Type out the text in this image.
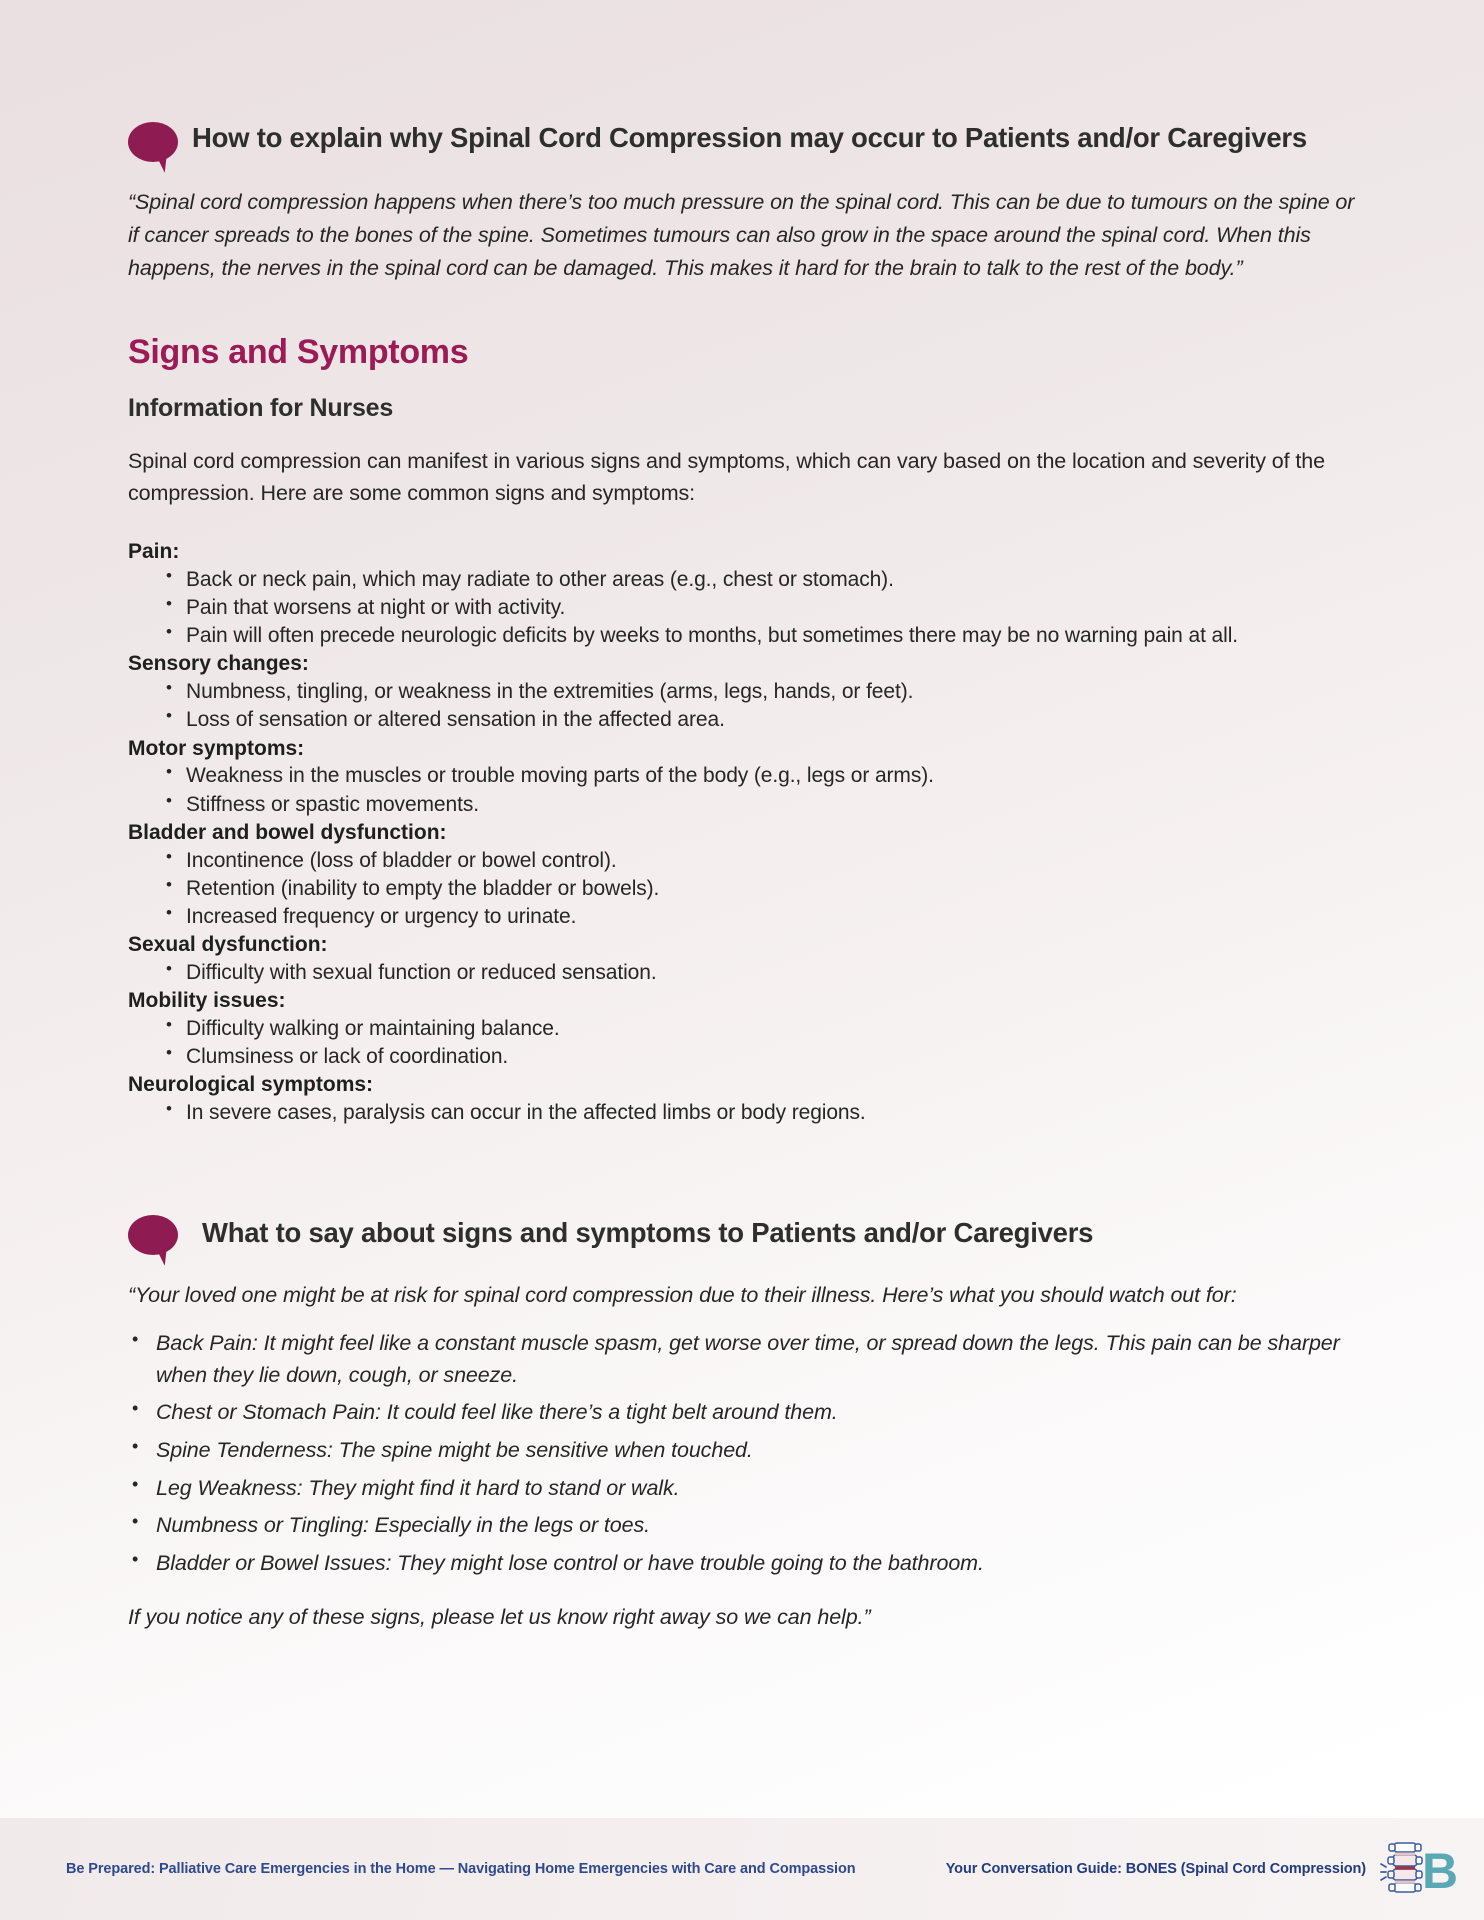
How to explain why Spinal Cord Compression may occur to Patients and/or Caregivers

“Spinal cord compression happens when there’s too much pressure on the spinal cord. This can be due to tumours on the spine or if cancer spreads to the bones of the spine. Sometimes tumours can also grow in the space around the spinal cord. When this happens, the nerves in the spinal cord can be damaged. This makes it hard for the brain to talk to the rest of the body.”

Signs and Symptoms
Information for Nurses

Spinal cord compression can manifest in various signs and symptoms, which can vary based on the location and severity of the compression. Here are some common signs and symptoms:

Pain:

• Back or neck pain, which may radiate to other areas (e.g., chest or stomach).
• Pain that worsens at night or with activity.
• Pain will often precede neurologic deficits by weeks to months, but sometimes there may be no warning pain at all.

Sensory changes:

• Numbness, tingling, or weakness in the extremities (arms, legs, hands, or feet).
• Loss of sensation or altered sensation in the affected area.

Motor symptoms:

• Weakness in the muscles or trouble moving parts of the body (e.g., legs or arms).
• Stiffness or spastic movements.

Bladder and bowel dysfunction:

• Incontinence (loss of bladder or bowel control).
• Retention (inability to empty the bladder or bowels).
• Increased frequency or urgency to urinate.

Sexual dysfunction:

• Difficulty with sexual function or reduced sensation.

Mobility issues:

• Difficulty walking or maintaining balance.
• Clumsiness or lack of coordination.

Neurological symptoms:

• In severe cases, paralysis can occur in the affected limbs or body regions.
What to say about signs and symptoms to Patients and/or Caregivers

“Your loved one might be at risk for spinal cord compression due to their illness. Here’s what you should watch out for:

• Back Pain: It might feel like a constant muscle spasm, get worse over time, or spread down the legs. This pain can be sharper when they lie down, cough, or sneeze.
• Chest or Stomach Pain: It could feel like there’s a tight belt around them.
• Spine Tenderness: The spine might be sensitive when touched.
• Leg Weakness: They might find it hard to stand or walk.
• Numbness or Tingling: Especially in the legs or toes.
• Bladder or Bowel Issues: They might lose control or have trouble going to the bathroom.

If you notice any of these signs, please let us know right away so we can help.”

Be Prepared: Palliative Care Emergencies in the Home — Navigating Home Emergencies with Care and Compassion	Your Conversation Guide: BONES (Spinal Cord Compression) B
